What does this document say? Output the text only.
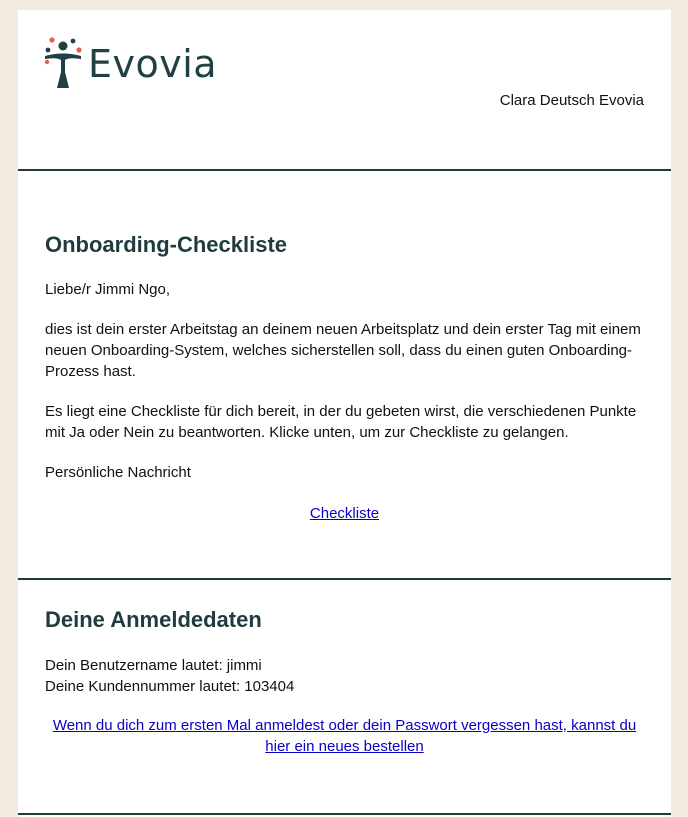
Evovia
Clara Deutsch Evovia
Onboarding-Checkliste

Liebe/r Jimmi Ngo,

dies ist dein erster Arbeitstag an deinem neuen Arbeitsplatz und dein erster Tag mit einem neuen Onboarding-System, welches sicherstellen soll, dass du einen guten Onboarding-Prozess hast.

Es liegt eine Checkliste für dich bereit, in der du gebeten wirst, die verschiedenen Punkte mit Ja oder Nein zu beantworten. Klicke unten, um zur Checkliste zu gelangen.

Persönliche Nachricht

Checkliste
Deine Anmeldedaten
Dein Benutzername lautet: jimmi
Deine Kundennummer lautet: 103404
Wenn du dich zum ersten Mal anmeldest oder dein Passwort vergessen hast, kannst du hier ein neues bestellen
